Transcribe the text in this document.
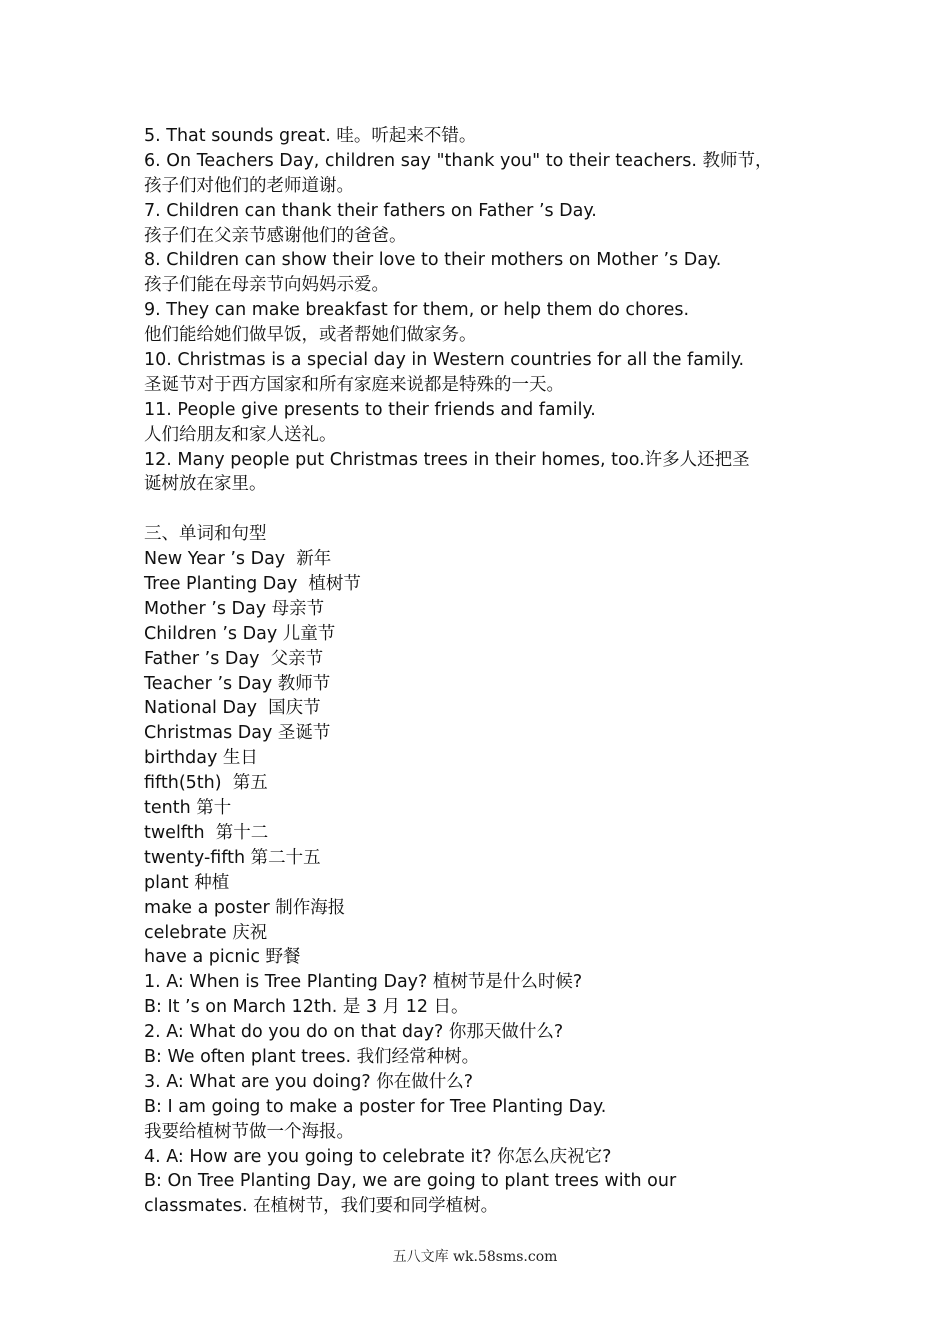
5. That sounds great. 哇。听起来不错。
6. On Teachers Day, children say "thank you" to their teachers. 教师节，
孩子们对他们的老师道谢。
7. Children can thank their fathers on Father ’s Day.
孩子们在父亲节感谢他们的爸爸。
8. Children can show their love to their mothers on Mother ’s Day.
孩子们能在母亲节向妈妈示爱。
9. They can make breakfast for them, or help them do chores.
他们能给她们做早饭，或者帮她们做家务。
10. Christmas is a special day in Western countries for all the family.
圣诞节对于西方国家和所有家庭来说都是特殊的一天。
11. People give presents to their friends and family.
人们给朋友和家人送礼。
12. Many people put Christmas trees in their homes, too.许多人还把圣
诞树放在家里。
三、单词和句型
New Year ’s Day  新年
Tree Planting Day  植树节
Mother ’s Day 母亲节
Children ’s Day 儿童节
Father ’s Day  父亲节
Teacher ’s Day 教师节
National Day  国庆节
Christmas Day 圣诞节
birthday 生日
fifth(5th)  第五
tenth 第十
twelfth  第十二
twenty-fifth 第二十五
plant 种植
make a poster 制作海报
celebrate 庆祝
have a picnic 野餐
1. A: When is Tree Planting Day? 植树节是什么时候?
B: It ’s on March 12th. 是 3 月 12 日。
2. A: What do you do on that day? 你那天做什么?
B: We often plant trees. 我们经常种树。
3. A: What are you doing? 你在做什么?
B: I am going to make a poster for Tree Planting Day.
我要给植树节做一个海报。
4. A: How are you going to celebrate it? 你怎么庆祝它?
B: On Tree Planting Day, we are going to plant trees with our
classmates. 在植树节，我们要和同学植树。
五八文库 wk.58sms.com
